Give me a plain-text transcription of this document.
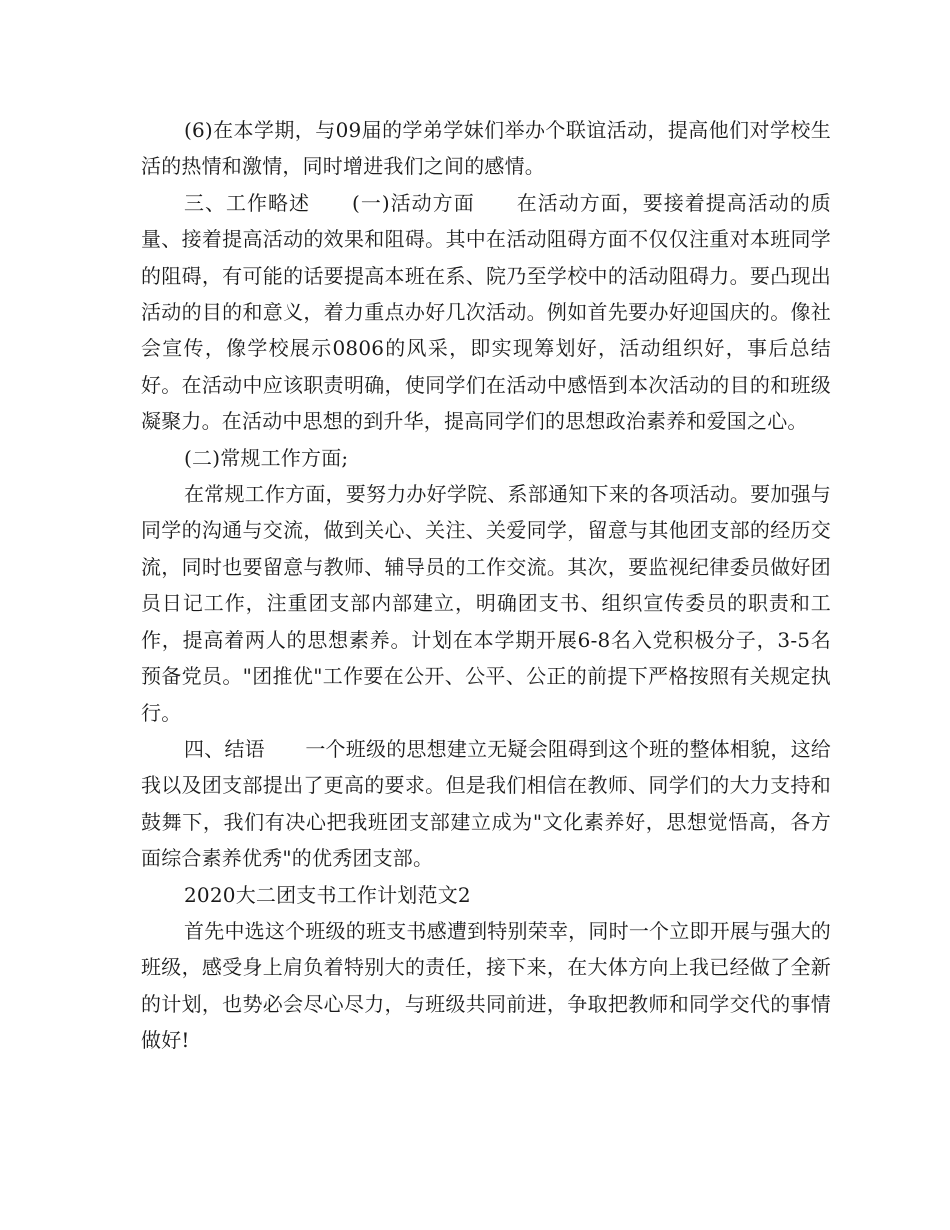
(6)在本学期，与09届的学弟学妹们举办个联谊活动，提高他们对学校生活的热情和激情，同时增进我们之间的感情。

三、工作略述　　(一)活动方面　　在活动方面，要接着提高活动的质量、接着提高活动的效果和阻碍。其中在活动阻碍方面不仅仅注重对本班同学的阻碍，有可能的话要提高本班在系、院乃至学校中的活动阻碍力。要凸现出活动的目的和意义，着力重点办好几次活动。例如首先要办好迎国庆的。像社会宣传，像学校展示0806的风采，即实现筹划好，活动组织好，事后总结好。在活动中应该职责明确，使同学们在活动中感悟到本次活动的目的和班级凝聚力。在活动中思想的到升华，提高同学们的思想政治素养和爱国之心。

(二)常规工作方面;

在常规工作方面，要努力办好学院、系部通知下来的各项活动。要加强与同学的沟通与交流，做到关心、关注、关爱同学，留意与其他团支部的经历交流，同时也要留意与教师、辅导员的工作交流。其次，要监视纪律委员做好团员日记工作，注重团支部内部建立，明确团支书、组织宣传委员的职责和工作，提高着两人的思想素养。计划在本学期开展6-8名入党积极分子，3-5名预备党员。"团推优"工作要在公开、公平、公正的前提下严格按照有关规定执行。

四、结语　　一个班级的思想建立无疑会阻碍到这个班的整体相貌，这给我以及团支部提出了更高的要求。但是我们相信在教师、同学们的大力支持和鼓舞下，我们有决心把我班团支部建立成为"文化素养好，思想觉悟高，各方面综合素养优秀"的优秀团支部。

2020大二团支书工作计划范文2

首先中选这个班级的班支书感遭到特别荣幸，同时一个立即开展与强大的班级，感受身上肩负着特别大的责任，接下来，在大体方向上我已经做了全新的计划，也势必会尽心尽力，与班级共同前进，争取把教师和同学交代的事情做好!
